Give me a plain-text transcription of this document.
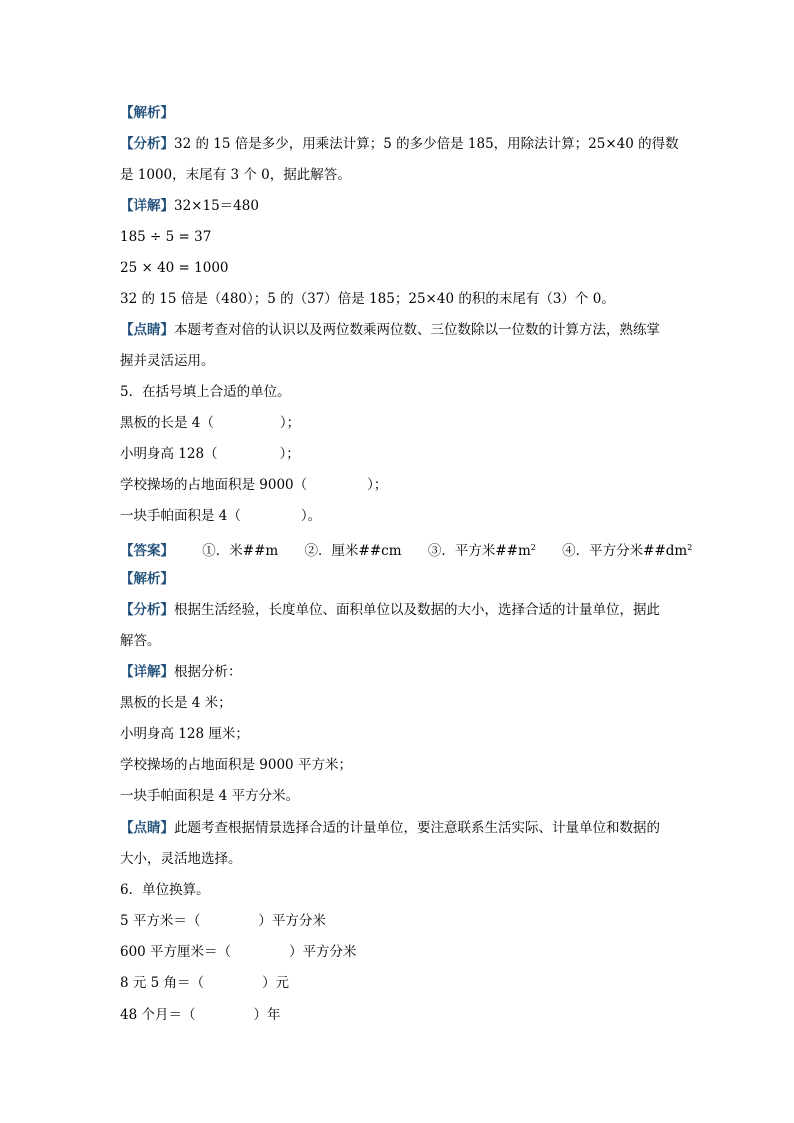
【解析】
【分析】32 的 15 倍是多少，用乘法计算；5 的多少倍是 185，用除法计算；25×40 的得数
是 1000，末尾有 3 个 0，据此解答。
【详解】32×15＝480
185 ÷ 5 = 37
25 × 40 = 1000
32 的 15 倍是（480）；5 的（37）倍是 185；25×40 的积的末尾有（3）个 0。
【点睛】本题考查对倍的认识以及两位数乘两位数、三位数除以一位数的计算方法，熟练掌
握并灵活运用。
5．在括号填上合适的单位。
黑板的长是 4（	）；
小明身高 128（	）；
学校操场的占地面积是 9000（	）；
一块手帕面积是 4（	）。
【答案】 ①．米##m ②．厘米##cm ③．平方米$\#\#m^2$ ④．平方分米$\#\#dm^2$
【解析】
【分析】根据生活经验，长度单位、面积单位以及数据的大小，选择合适的计量单位，据此
解答。
【详解】根据分析：
黑板的长是 4 米；
小明身高 128 厘米；
学校操场的占地面积是 9000 平方米；
一块手帕面积是 4 平方分米。
【点睛】此题考查根据情景选择合适的计量单位，要注意联系生活实际、计量单位和数据的
大小，灵活地选择。
6．单位换算。
5 平方米＝（	）平方分米
600 平方厘米＝（	）平方分米
8 元 5 角＝（	）元
48 个月＝（	）年
